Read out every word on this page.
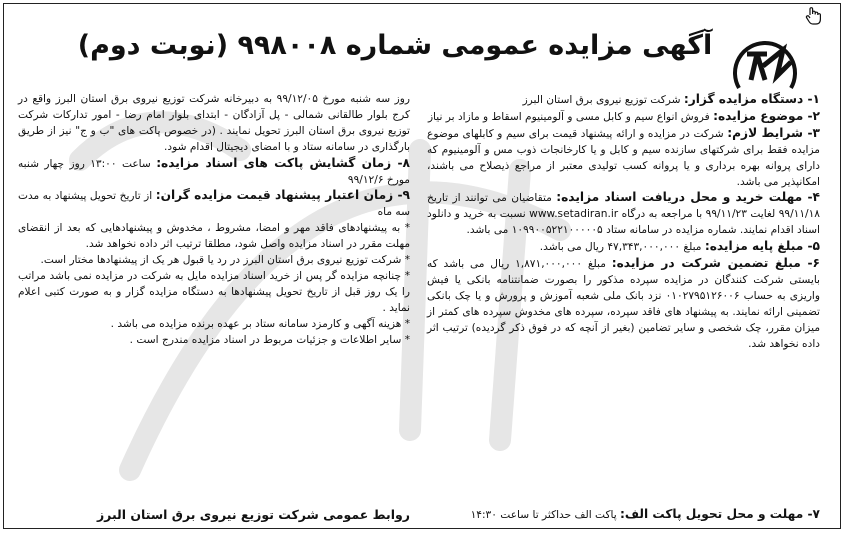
آگهی مزایده عمومی شماره ۹۹۸۰۰۸ (نوبت دوم)

۱- دستگاه مزایده گزار: شرکت توزیع نیروی برق استان البرز

۲- موضوع مزایده: فروش انواع سیم و کابل مسی و آلومینیوم اسقاط و مازاد بر نیاز

۳- شرایط لازم: شرکت در مزایده و ارائه پیشنهاد قیمت برای سیم و کابلهای موضوع مزایده فقط برای شرکتهای سازنده سیم و کابل و یا کارخانجات ذوب مس و آلومینیوم که دارای پروانه بهره برداری و یا پروانه کسب تولیدی معتبر از مراجع ذیصلاح می باشند، امکانپذیر می باشد.

۴- مهلت خرید و محل دریافت اسناد مزایده: متقاضیان می توانند از تاریخ ۹۹/۱۱/۱۸ لغایت ۹۹/۱۱/۲۳ با مراجعه به درگاه www.setadiran.ir نسبت به خرید و دانلود اسناد اقدام نمایند. شماره مزایده در سامانه ستاد ۱۰۹۹۰۰۵۲۲۱۰۰۰۰۰۵ می باشد.

۵- مبلغ پایه مزایده: مبلغ ۴۷,۳۴۳,۰۰۰,۰۰۰ ریال می باشد.

۶- مبلغ تضمین شرکت در مزایده: مبلغ ۱,۸۷۱,۰۰۰,۰۰۰ ریال می باشد که بایستی شرکت کنندگان در مزایده سپرده مذکور را بصورت ضمانتنامه بانکی یا فیش واریزی به حساب ۰۱۰۲۷۹۵۱۲۶۰۰۶ نزد بانک ملی شعبه آموزش و پرورش و یا چک بانکی تضمینی ارائه نمایند. به پیشنهاد های فاقد سپرده، سپرده های مخدوش سپرده های کمتر از میزان مقرر، چک شخصی و سایر تضامین (بغیر از آنچه که در فوق ذکر گردیده) ترتیب اثر داده نخواهد شد.

۷- مهلت و محل تحویل پاکت الف: پاکت الف حداکثر تا ساعت ۱۴:۳۰

روز سه شنبه مورخ ۹۹/۱۲/۰۵ به دبیرخانه شرکت توزیع نیروی برق استان البرز واقع در کرج بلوار طالقانی شمالی - پل آزادگان - ابتدای بلوار امام رضا - امور تدارکات شرکت توزیع نیروی برق استان البرز تحویل نمایند . (در خصوص پاکت های "ب و ج" نیز از طریق بارگذاری در سامانه ستاد و با امضای دیجیتال اقدام شود.

۸- زمان گشایش پاکت های اسناد مزایده: ساعت ۱۳:۰۰ روز چهار شنبه مورخ ۹۹/۱۲/۶

۹- زمان اعتبار پیشنهاد قیمت مزایده گران: از تاریخ تحویل پیشنهاد به مدت سه ماه

* به پیشنهادهای فاقد مهر و امضا، مشروط ، مخدوش و پیشنهادهایی که بعد از انقضای مهلت مقرر در اسناد مزایده واصل شود، مطلقا ترتیب اثر داده نخواهد شد.

* شرکت توزیع نیروی برق استان البرز در رد یا قبول هر یک از پیشنهادها مختار است.

* چنانچه مزایده گر پس از خرید اسناد مزایده مایل به شرکت در مزایده نمی باشد مراتب را یک روز قبل از تاریخ تحویل پیشنهادها به دستگاه مزایده گزار و به صورت کتبی اعلام نماید .

* هزینه آگهی و کارمزد سامانه ستاد بر عهده برنده مزایده می باشد .

* سایر اطلاعات و جزئیات مربوط در اسناد مزایده مندرج است .

روابط عمومی شرکت توزیع نیروی برق استان البرز
